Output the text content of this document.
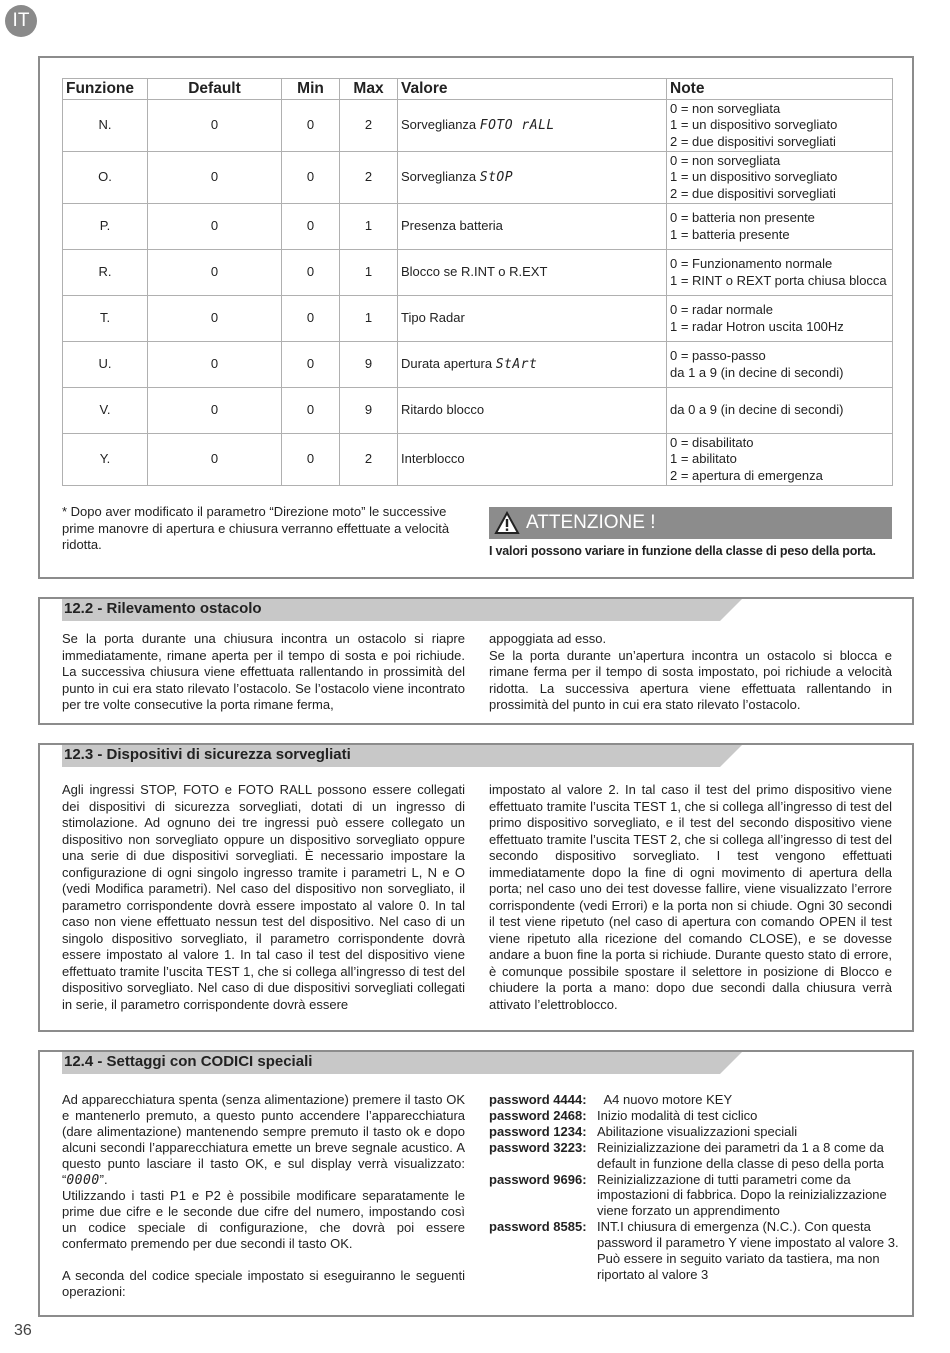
IT
Funzione	Default	Min	Max	Valore	Note
N.	0	0	2	Sorveglianza FOTO rALL	0 = non sorvegliata
1 = un dispositivo sorvegliato
2 = due dispositivi sorvegliati

O.	0	0	2	Sorveglianza StOP	0 = non sorvegliata
1 = un dispositivo sorvegliato
2 = due dispositivi sorvegliati

P.	0	0	1	Presenza batteria	0 = batteria non presente
1 = batteria presente

R.	0	0	1	Blocco se R.INT o R.EXT	0 = Funzionamento normale
1 = RINT o REXT porta chiusa blocca

T.	0	0	1	Tipo Radar	0 = radar normale
1 = radar Hotron uscita 100Hz

U.	0	0	9	Durata apertura StArt	0 = passo-passo
da 1 a 9 (in decine di secondi)

V.	0	0	9	Ritardo blocco	da 0 a 9 (in decine di secondi)

Y.	0	0	2	Interblocco	0 = disabilitato
1 = abilitato
2 = apertura di emergenza
* Dopo aver modificato il parametro “Direzione moto” le successive prime manovre di apertura e chiusura verranno effettuate a velocità ridotta.
ATTENZIONE !
I valori possono variare in funzione della classe di peso della porta.
12.2 - Rilevamento ostacolo

Se la porta durante una chiusura incontra un ostacolo si riapre immediatamente, rimane aperta per il tempo di sosta e poi richiude. La successiva chiusura viene effettuata rallentando in prossimità del punto in cui era stato rilevato l’ostacolo. Se l’ostacolo viene incontrato per tre volte consecutive la porta rimane ferma,

appoggiata ad esso.

Se la porta durante un’apertura incontra un ostacolo si blocca e rimane ferma per il tempo di sosta impostato, poi richiude a velocità ridotta. La successiva apertura viene effettuata rallentando in prossimità del punto in cui era stato rilevato l’ostacolo.

12.3 - Dispositivi di sicurezza sorvegliati

Agli ingressi STOP, FOTO e FOTO RALL possono essere collegati dei dispositivi di sicurezza sorvegliati, dotati di un ingresso di stimolazione. Ad ognuno dei tre ingressi può essere collegato un dispositivo non sorvegliato oppure un dispositivo sorvegliato oppure una serie di due dispositivi sorvegliati. È necessario impostare la configurazione di ogni singolo ingresso tramite i parametri L, N e O (vedi Modifica parametri). Nel caso del dispositivo non sorvegliato, il parametro corrispondente dovrà essere impostato al valore 0. In tal caso non viene effettuato nessun test del dispositivo. Nel caso di un singolo dispositivo sorvegliato, il parametro corrispondente dovrà essere impostato al valore 1. In tal caso il test del dispositivo viene effettuato tramite l’uscita TEST 1, che si collega all’ingresso di test del dispositivo sorvegliato. Nel caso di due dispositivi sorvegliati collegati in serie, il parametro corrispondente dovrà essere

impostato al valore 2. In tal caso il test del primo dispositivo viene effettuato tramite l’uscita TEST 1, che si collega all’ingresso di test del primo dispositivo sorvegliato, e il test del secondo dispositivo viene effettuato tramite l’uscita TEST 2, che si collega all’ingresso di test del secondo dispositivo sorvegliato. I test vengono effettuati immediatamente dopo la fine di ogni movimento di apertura della porta; nel caso uno dei test dovesse fallire, viene visualizzato l’errore corrispondente (vedi Errori) e la porta non si chiude. Ogni 30 secondi il test viene ripetuto (nel caso di apertura con comando OPEN il test viene ripetuto alla ricezione del comando CLOSE), e se dovesse andare a buon fine la porta si richiude. Durante questo stato di errore, è comunque possibile spostare il selettore in posizione di Blocco e chiudere la porta a mano: dopo due secondi dalla chiusura verrà attivato l’elettroblocco.

12.4 - Settaggi con CODICI speciali

Ad apparecchiatura spenta (senza alimentazione) premere il tasto OK e mantenerlo premuto, a questo punto accendere l’apparecchiatura (dare alimentazione) mantenendo sempre premuto il tasto ok e dopo alcuni secondi l’apparecchiatura emette un breve segnale acustico. A questo punto lasciare il tasto OK, e sul display verrà visualizzato: “0000”.

Utilizzando i tasti P1 e P2 è possibile modificare separatamente le prime due cifre e le seconde due cifre del numero, impostando così un codice speciale di configurazione, che dovrà poi essere confermato premendo per due secondi il tasto OK.

A seconda del codice speciale impostato si eseguiranno le seguenti operazioni:

password 4444: A4 nuovo motore KEY
password 2468: Inizio modalità di test ciclico
password 1234: Abilitazione visualizzazioni speciali
password 3223: Reinizializzazione dei parametri da 1 a 8 come da default in funzione della classe di peso della porta
password 9696: Reinizializzazione di tutti parametri come da impostazioni di fabbrica. Dopo la reinizializzazione viene forzato un apprendimento
password 8585: INT.I chiusura di emergenza (N.C.). Con questa password il parametro Y viene impostato al valore 3. Può essere in seguito variato da tastiera, ma non riportato al valore 3
36
